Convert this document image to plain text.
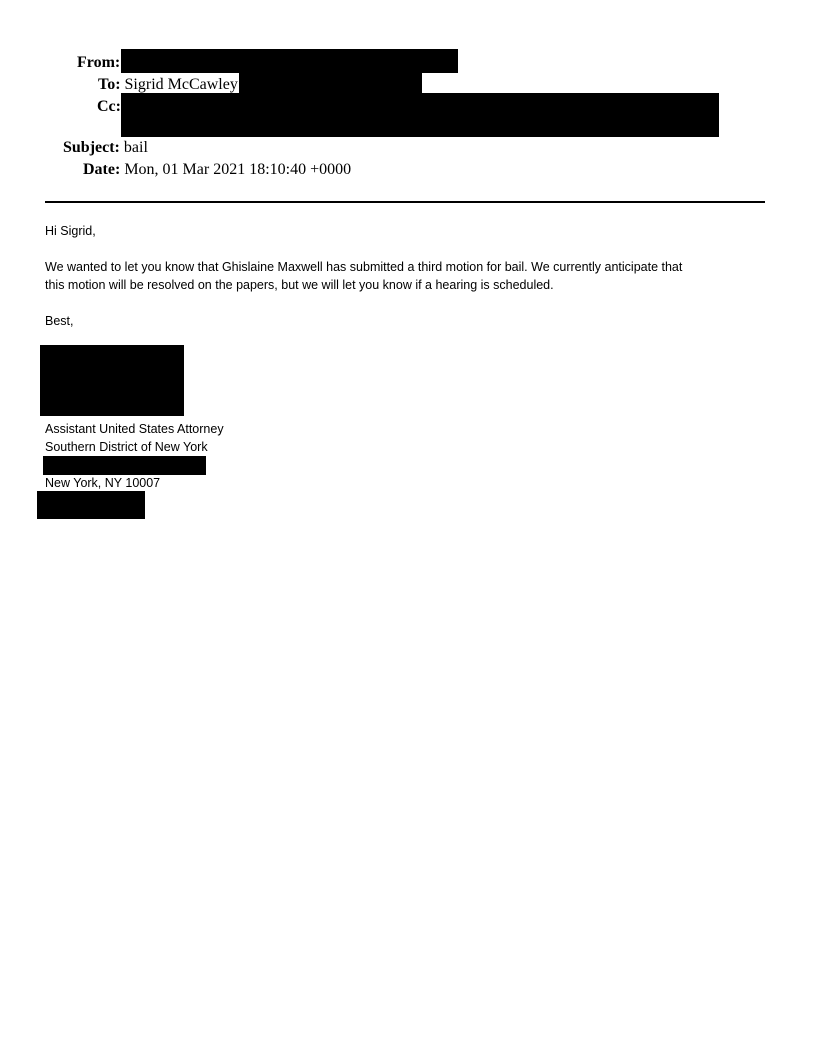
From:
To: Sigrid McCawley
Cc:
Subject: bail
Date: Mon, 01 Mar 2021 18:10:40 +0000
Hi Sigrid,
We wanted to let you know that Ghislaine Maxwell has submitted a third motion for bail. We currently anticipate that
this motion will be resolved on the papers, but we will let you know if a hearing is scheduled.
Best,
Assistant United States Attorney
Southern District of New York
New York, NY 10007
